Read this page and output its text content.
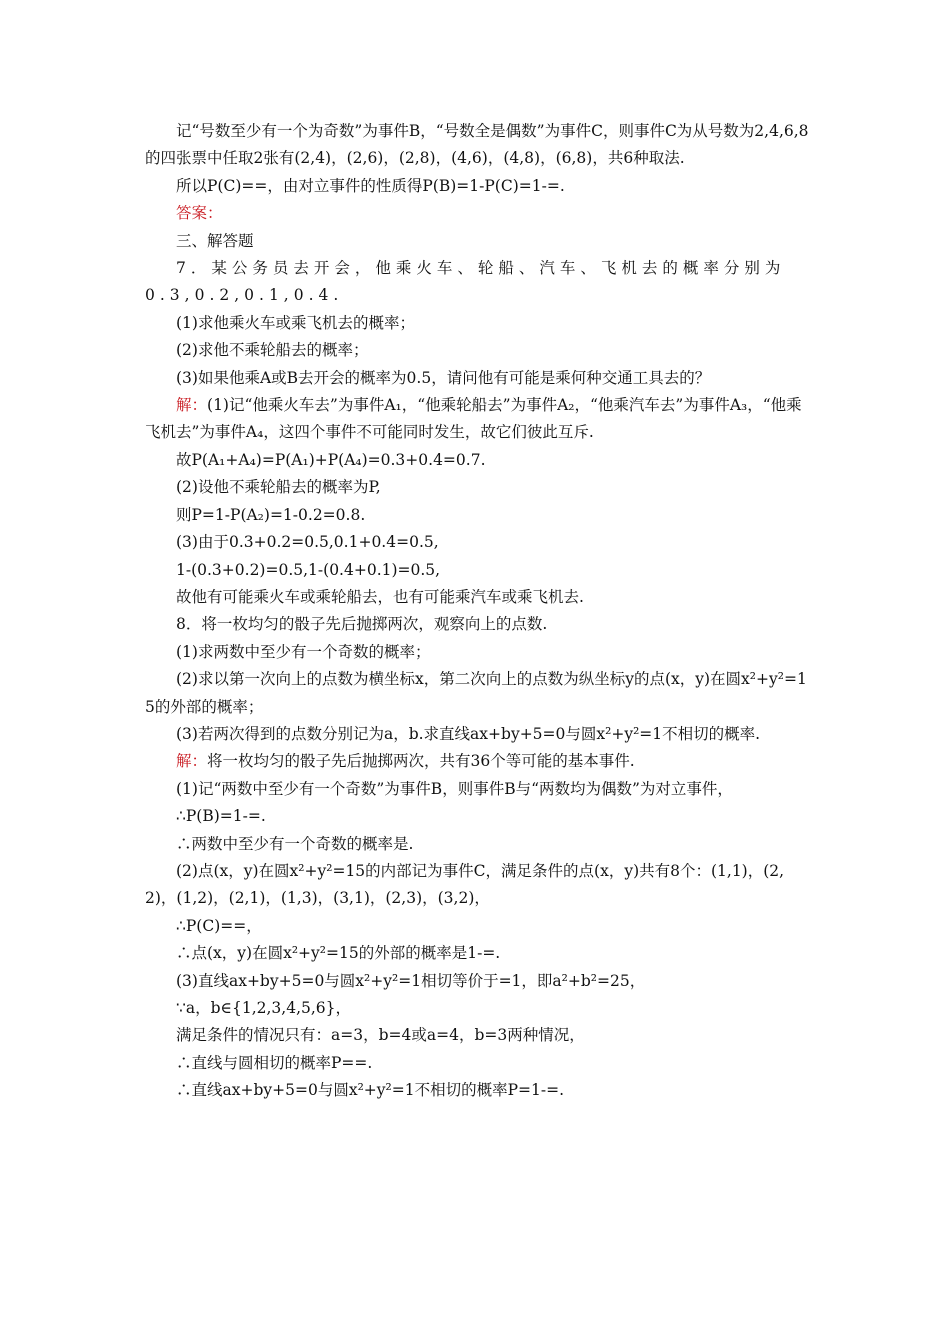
记“号数至少有一个为奇数”为事件B，“号数全是偶数”为事件C，则事件C为从号数为2,4,6,8的四张票中任取2张有(2,4)，(2,6)，(2,8)，(4,6)，(4,8)，(6,8)，共6种取法.

所以P(C)==，由对立事件的性质得P(B)=1-P(C)=1-=.

答案：

三、解答题

7．某公务员去开会，他乘火车、轮船、汽车、飞机去的概率分别为0.3,0.2,0.1,0.4.

(1)求他乘火车或乘飞机去的概率；

(2)求他不乘轮船去的概率；

(3)如果他乘A或B去开会的概率为0.5，请问他有可能是乘何种交通工具去的？

解：(1)记“他乘火车去”为事件A₁，“他乘轮船去”为事件A₂，“他乘汽车去”为事件A₃，“他乘飞机去”为事件A₄，这四个事件不可能同时发生，故它们彼此互斥.

故P(A₁+A₄)=P(A₁)+P(A₄)=0.3+0.4=0.7.

(2)设他不乘轮船去的概率为P,

则P=1-P(A₂)=1-0.2=0.8.

(3)由于0.3+0.2=0.5,0.1+0.4=0.5,

1-(0.3+0.2)=0.5,1-(0.4+0.1)=0.5,

故他有可能乘火车或乘轮船去，也有可能乘汽车或乘飞机去.

8．将一枚均匀的骰子先后抛掷两次，观察向上的点数.

(1)求两数中至少有一个奇数的概率；

(2)求以第一次向上的点数为横坐标x，第二次向上的点数为纵坐标y的点(x，y)在圆x²+y²=15的外部的概率；

(3)若两次得到的点数分别记为a，b.求直线ax+by+5=0与圆x²+y²=1不相切的概率.

解：将一枚均匀的骰子先后抛掷两次，共有36个等可能的基本事件.

(1)记“两数中至少有一个奇数”为事件B，则事件B与“两数均为偶数”为对立事件，

∴P(B)=1-=.

∴两数中至少有一个奇数的概率是.

(2)点(x，y)在圆x²+y²=15的内部记为事件C，满足条件的点(x，y)共有8个：(1,1)，(2,2)，(1,2)，(2,1)，(1,3)，(3,1)，(2,3)，(3,2)，

∴P(C)==，

∴点(x，y)在圆x²+y²=15的外部的概率是1-=.

(3)直线ax+by+5=0与圆x²+y²=1相切等价于=1，即a²+b²=25，

∵a，b∈{1,2,3,4,5,6}，

满足条件的情况只有：a=3，b=4或a=4，b=3两种情况，

∴直线与圆相切的概率P==.

∴直线ax+by+5=0与圆x²+y²=1不相切的概率P=1-=.
